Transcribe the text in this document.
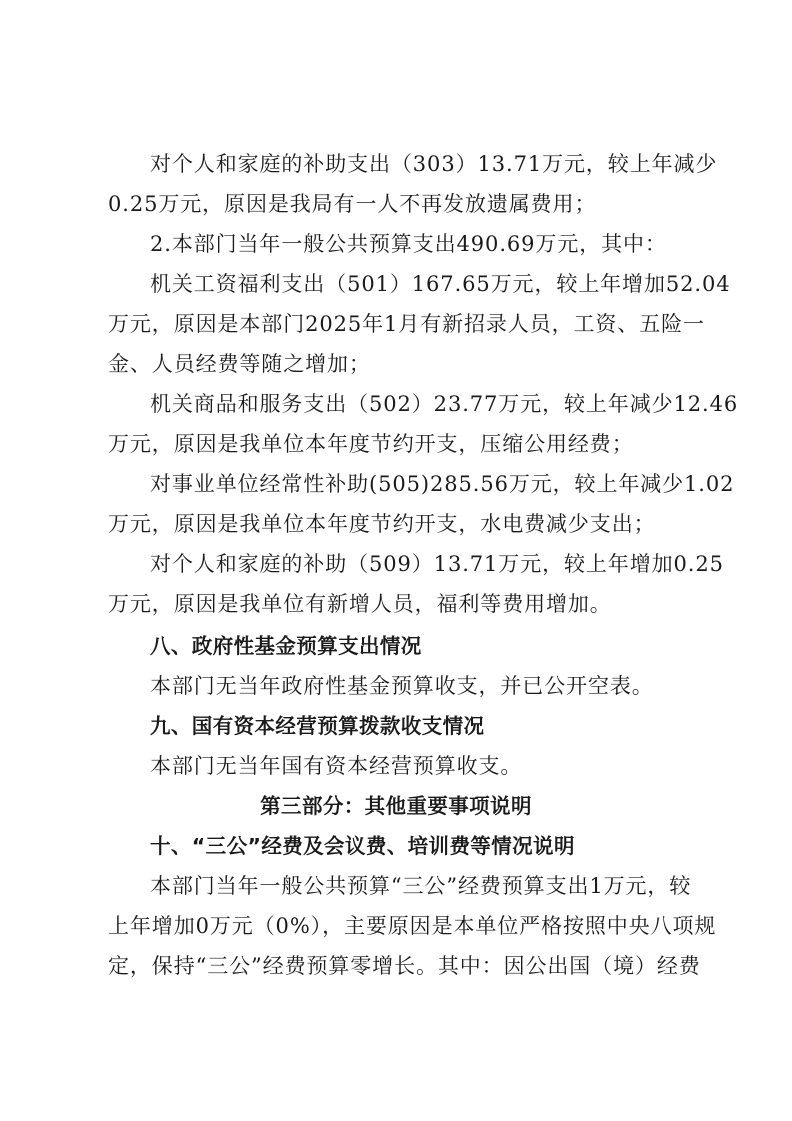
对个人和家庭的补助支出（303）13.71万元，较上年减少
0.25万元，原因是我局有一人不再发放遗属费用；
2.本部门当年一般公共预算支出490.69万元，其中：
机关工资福利支出（501）167.65万元，较上年增加52.04
万元，原因是本部门2025年1月有新招录人员，工资、五险一
金、人员经费等随之增加；
机关商品和服务支出（502）23.77万元，较上年减少12.46
万元，原因是我单位本年度节约开支，压缩公用经费；
对事业单位经常性补助(505)285.56万元，较上年减少1.02
万元，原因是我单位本年度节约开支，水电费减少支出；
对个人和家庭的补助（509）13.71万元，较上年增加0.25
万元，原因是我单位有新增人员，福利等费用增加。
八、政府性基金预算支出情况
本部门无当年政府性基金预算收支，并已公开空表。
九、国有资本经营预算拨款收支情况
本部门无当年国有资本经营预算收支。
第三部分：其他重要事项说明
十、“三公”经费及会议费、培训费等情况说明
本部门当年一般公共预算“三公”经费预算支出1万元，较
上年增加0万元（0%），主要原因是本单位严格按照中央八项规
定，保持“三公”经费预算零增长。其中：因公出国（境）经费
